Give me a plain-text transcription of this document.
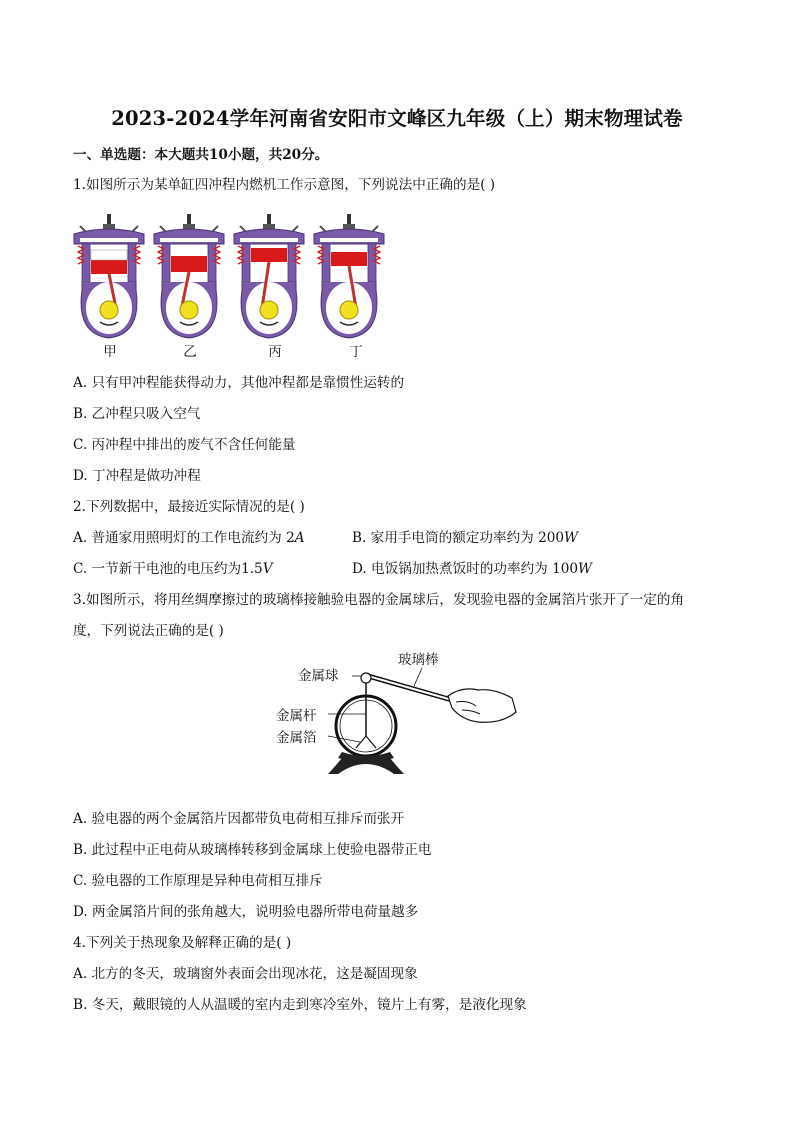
2023-2024学年河南省安阳市文峰区九年级（上）期末物理试卷
一、单选题：本大题共10小题，共20分。
1.如图所示为某单缸四冲程内燃机工作示意图，下列说法中正确的是( )
甲	乙	丙	丁
A. 只有甲冲程能获得动力，其他冲程都是靠惯性运转的
B. 乙冲程只吸入空气
C. 丙冲程中排出的废气不含任何能量
D. 丁冲程是做功冲程
2.下列数据中，最接近实际情况的是( )
A. 普通家用照明灯的工作电流约为 2A	B. 家用手电筒的额定功率约为 200W
C. 一节新干电池的电压约为1.5V	D. 电饭锅加热煮饭时的功率约为 100W
3.如图所示，将用丝绸摩擦过的玻璃棒接触验电器的金属球后，发现验电器的金属箔片张开了一定的角
度，下列说法正确的是( )
金属球
玻璃棒
金属杆
金属箔
A. 验电器的两个金属箔片因都带负电荷相互排斥而张开
B. 此过程中正电荷从玻璃棒转移到金属球上使验电器带正电
C. 验电器的工作原理是异种电荷相互排斥
D. 两金属箔片间的张角越大，说明验电器所带电荷量越多
4.下列关于热现象及解释正确的是( )
A. 北方的冬天，玻璃窗外表面会出现冰花，这是凝固现象
B. 冬天，戴眼镜的人从温暖的室内走到寒冷室外，镜片上有雾，是液化现象
